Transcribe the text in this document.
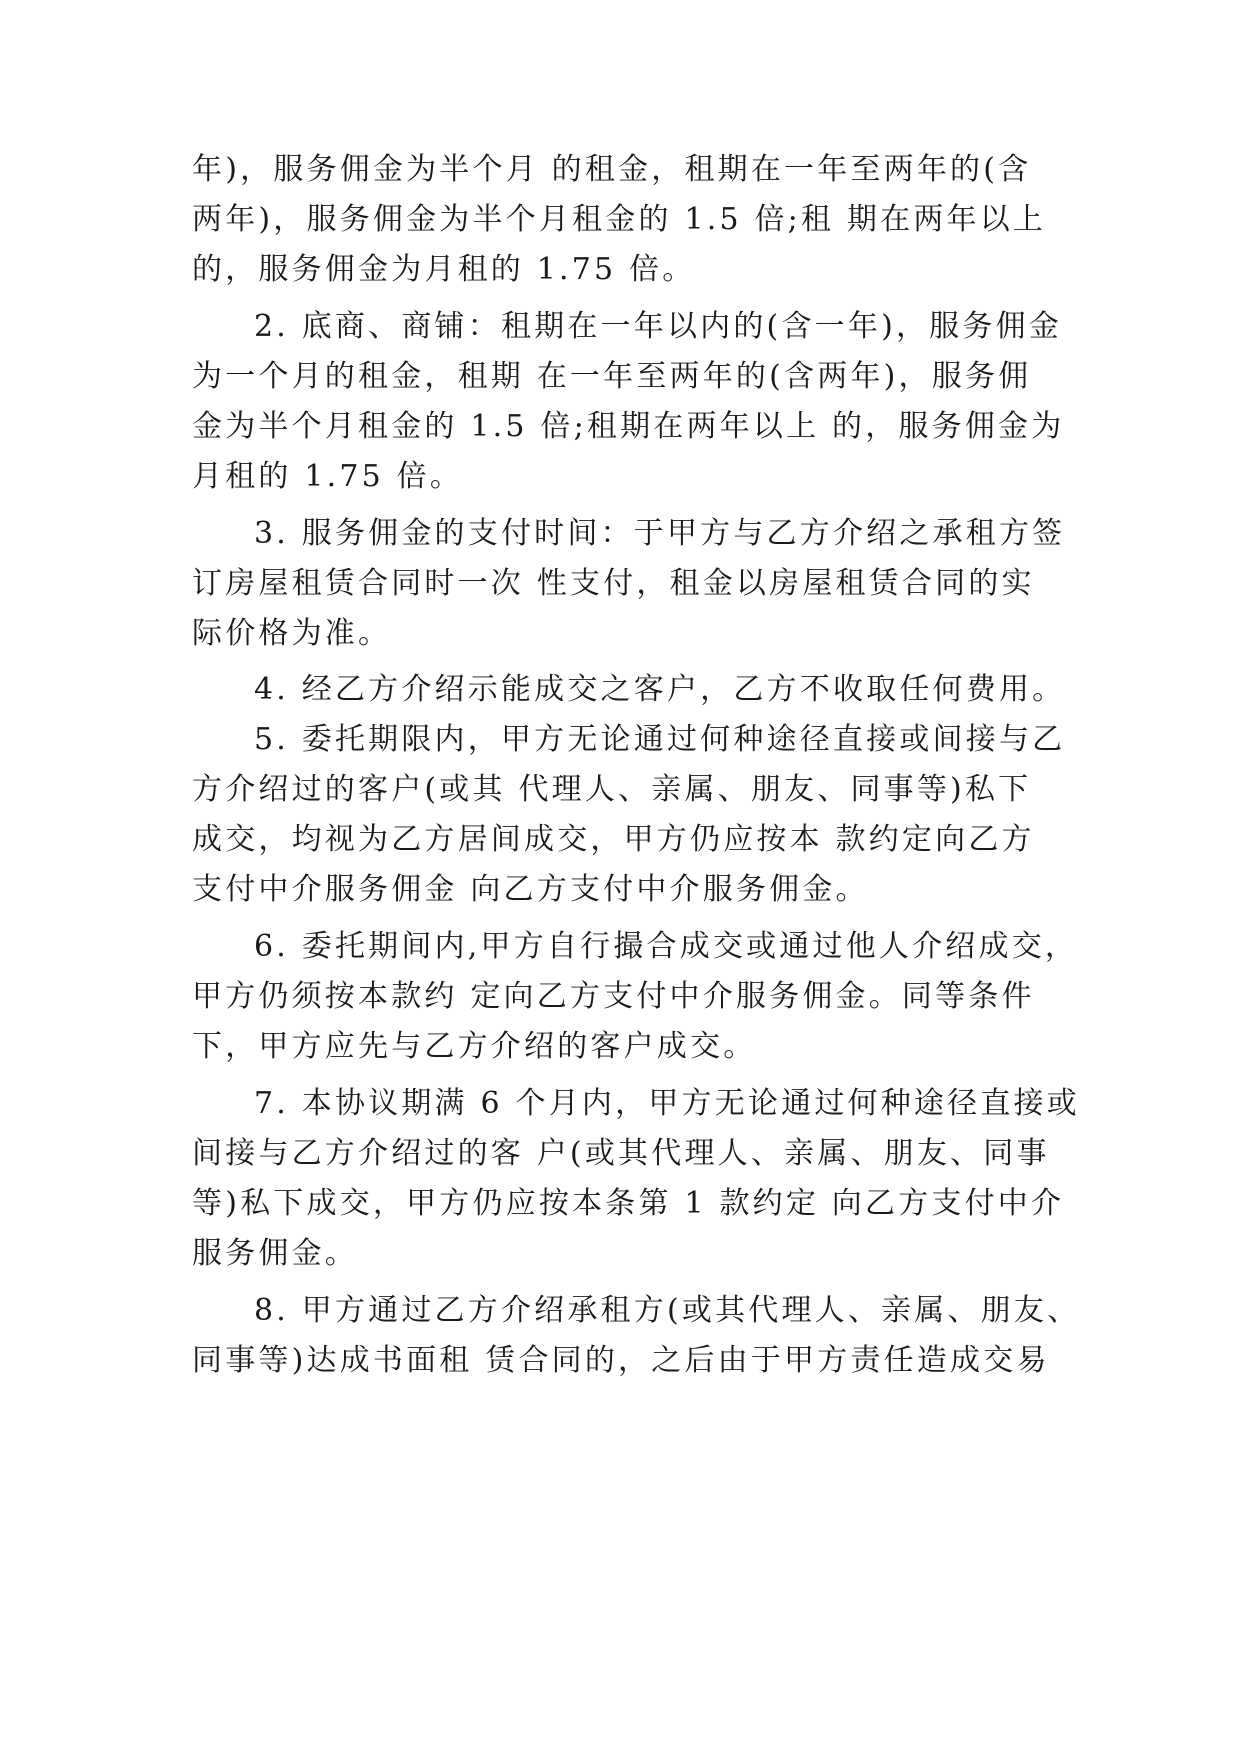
年)，服务佣金为半个月 的租金，租期在一年至两年的(含
两年)，服务佣金为半个月租金的 1.5 倍;租 期在两年以上
的，服务佣金为月租的 1.75 倍。
2. 底商、商铺：租期在一年以内的(含一年)，服务佣金
为一个月的租金，租期 在一年至两年的(含两年)，服务佣
金为半个月租金的 1.5 倍;租期在两年以上 的，服务佣金为
月租的 1.75 倍。
3. 服务佣金的支付时间：于甲方与乙方介绍之承租方签
订房屋租赁合同时一次 性支付，租金以房屋租赁合同的实
际价格为准。
4. 经乙方介绍示能成交之客户，乙方不收取任何费用。
5. 委托期限内，甲方无论通过何种途径直接或间接与乙
方介绍过的客户(或其 代理人、亲属、朋友、同事等)私下
成交，均视为乙方居间成交，甲方仍应按本 款约定向乙方
支付中介服务佣金 向乙方支付中介服务佣金。
6. 委托期间内,甲方自行撮合成交或通过他人介绍成交，
甲方仍须按本款约 定向乙方支付中介服务佣金。同等条件
下，甲方应先与乙方介绍的客户成交。
7. 本协议期满 6 个月内，甲方无论通过何种途径直接或
间接与乙方介绍过的客 户(或其代理人、亲属、朋友、同事
等)私下成交，甲方仍应按本条第 1 款约定 向乙方支付中介
服务佣金。
8. 甲方通过乙方介绍承租方(或其代理人、亲属、朋友、
同事等)达成书面租 赁合同的，之后由于甲方责任造成交易
